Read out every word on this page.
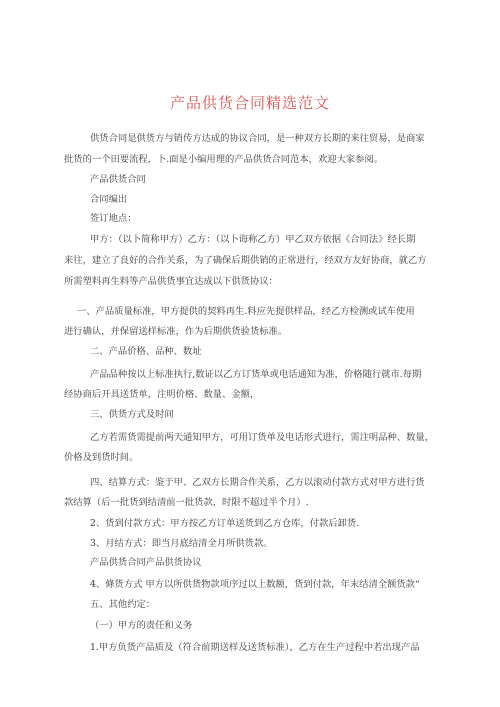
产品供货合同精选范文
供货合同是供货方与销传方达成的协议合同，是一种双方长期的来往贸易，是商家
批货的一个田要流程，卜.面是小编用理的产品供货合同范本，欢迎大家参阅。
产品供货合同
合同编出
签订地点：
甲方：（以卜简称甲方）乙方：（以卜诲称乙方）甲乙双方依据《合同法》经长期
来往，建立了良好的合作关系，为了确保后期供销的正常进行，经双方友好协商，就乙方
所需塑料再生料等产品供货事宜达成以下供货协议：
一、产品质量标准，甲方提供的契料再生.料应先提供样品，经乙方检测或试车使用
进行确认，并保留送样标准，作为后期供货验货标准。
二、产品价格、品种、数址
产品品种按以上标准执行,数证以乙方订货单或电话通知为准，价格随行就市.每期
经协商后开具送货单，注明价格、数量、金额，
三、供货方式及时间
乙方若需货需提前两天通知甲方，可用订货单及电话形式进行，需注明品种、数量，
价格及到货时间。
四、结算方式：鉴于甲、乙双方长期合作关系，乙方以滚动付款方式对甲方进行货
款结算（后一批货到结清前一批货款，时限不超过半个月）.
2、货到付款方式：甲方按乙方订单送货到乙方仓库，付款后卸货.
3、月结方式：即当月底结清全月所供货款。
产品供货合同产品供货协议
4、條货方式 甲方以所供货物款项序过以上数额，货到付款，年末结清全额货款“
五、其他约定：
（一）甲方的责任和义务
1.甲方负货产品质及（符合前期送样及送货标准），乙方在生产过程中若出现产品
